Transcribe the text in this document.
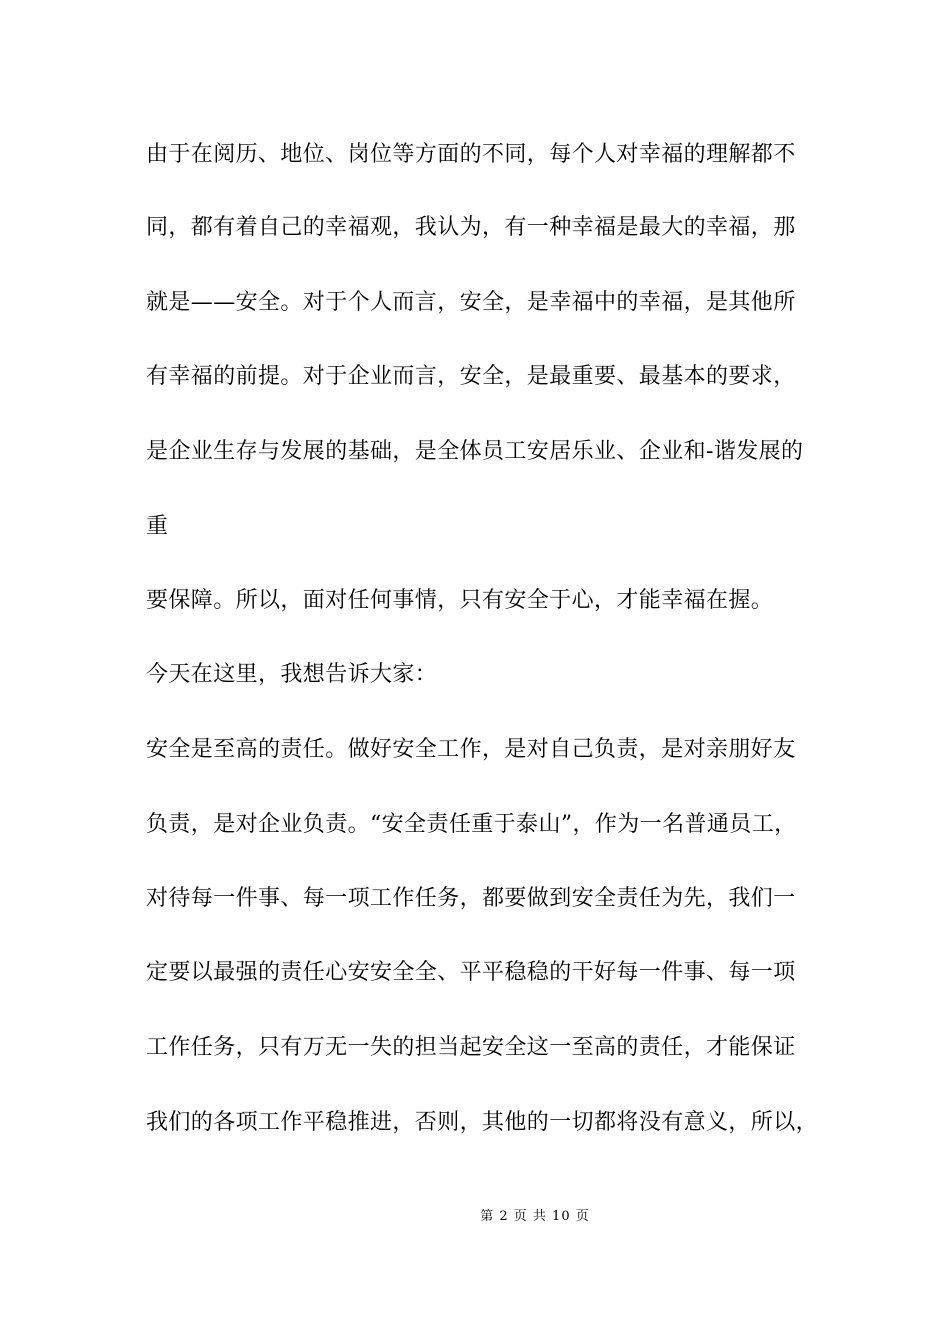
由于在阅历、地位、岗位等方面的不同，每个人对幸福的理解都不
同，都有着自己的幸福观，我认为，有一种幸福是最大的幸福，那
就是——安全。对于个人而言，安全，是幸福中的幸福，是其他所
有幸福的前提。对于企业而言，安全，是最重要、最基本的要求，
是企业生存与发展的基础，是全体员工安居乐业、企业和-谐发展的
重
要保障。所以，面对任何事情，只有安全于心，才能幸福在握。
今天在这里，我想告诉大家：
安全是至高的责任。做好安全工作，是对自己负责，是对亲朋好友
负责，是对企业负责。“安全责任重于泰山”，作为一名普通员工，
对待每一件事、每一项工作任务，都要做到安全责任为先，我们一
定要以最强的责任心安安全全、平平稳稳的干好每一件事、每一项
工作任务，只有万无一失的担当起安全这一至高的责任，才能保证
我们的各项工作平稳推进，否则，其他的一切都将没有意义，所以，
第 2 页 共 10 页
